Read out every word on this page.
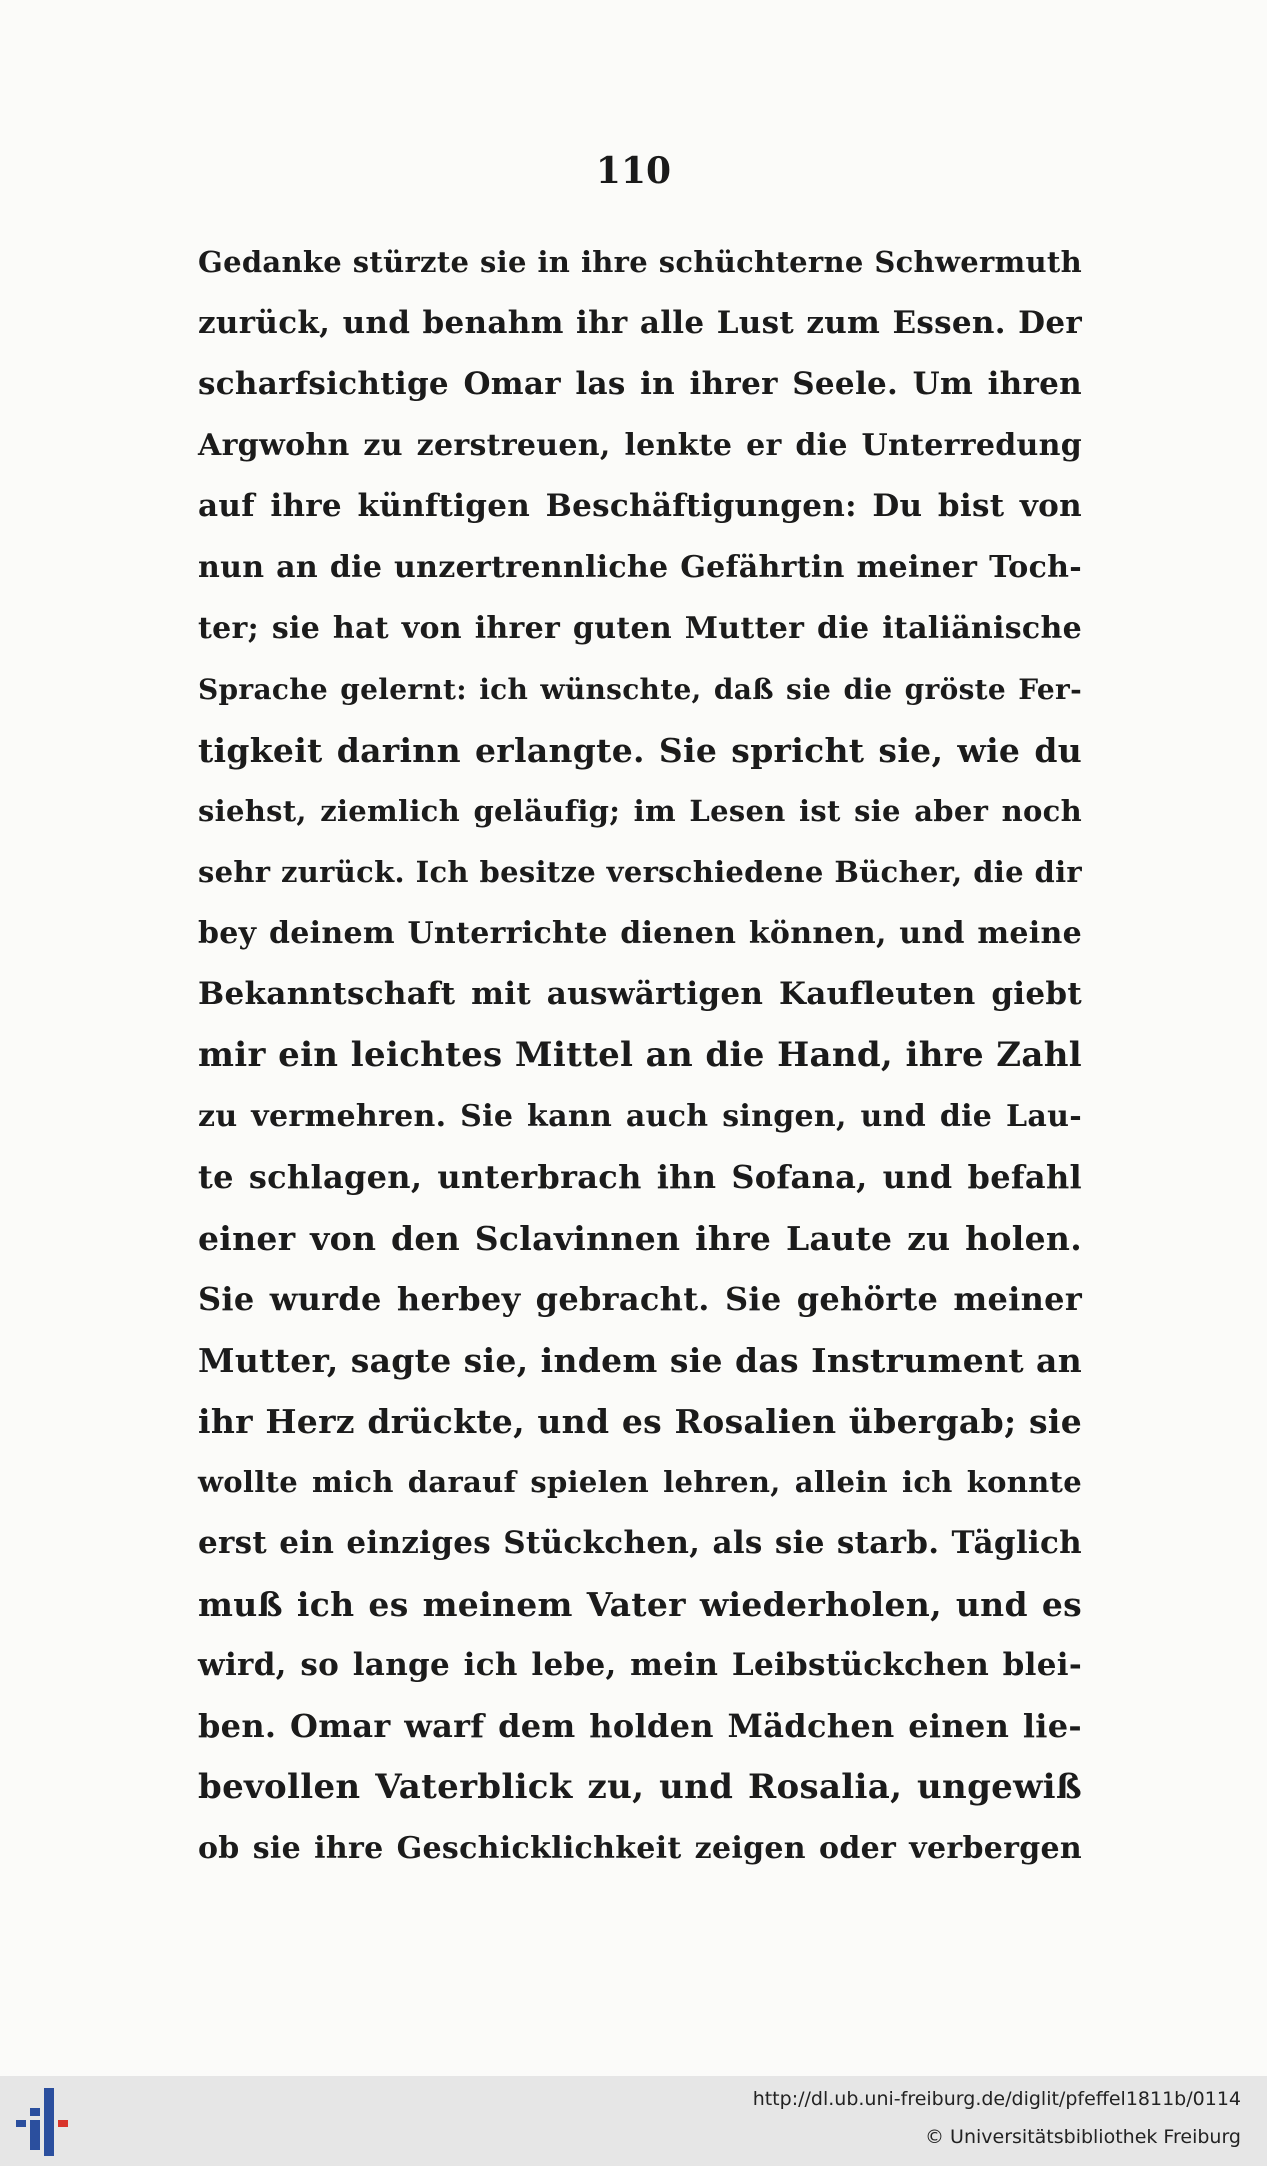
110
Gedanke stürzte sie in ihre schüchterne Schwermuth
zurück, und benahm ihr alle Lust zum Essen. Der
scharfsichtige Omar las in ihrer Seele. Um ihren
Argwohn zu zerstreuen, lenkte er die Unterredung
auf ihre künftigen Beschäftigungen: Du bist von
nun an die unzertrennliche Gefährtin meiner Toch-
ter; sie hat von ihrer guten Mutter die italiänische
Sprache gelernt: ich wünschte, daß sie die gröste Fer-
tigkeit darinn erlangte. Sie spricht sie, wie du
siehst, ziemlich geläufig; im Lesen ist sie aber noch
sehr zurück. Ich besitze verschiedene Bücher, die dir
bey deinem Unterrichte dienen können, und meine
Bekanntschaft mit auswärtigen Kaufleuten giebt
mir ein leichtes Mittel an die Hand, ihre Zahl
zu vermehren. Sie kann auch singen, und die Lau-
te schlagen, unterbrach ihn Sofana, und befahl
einer von den Sclavinnen ihre Laute zu holen.
Sie wurde herbey gebracht. Sie gehörte meiner
Mutter, sagte sie, indem sie das Instrument an
ihr Herz drückte, und es Rosalien übergab; sie
wollte mich darauf spielen lehren, allein ich konnte
erst ein einziges Stückchen, als sie starb. Täglich
muß ich es meinem Vater wiederholen, und es
wird, so lange ich lebe, mein Leibstückchen blei-
ben. Omar warf dem holden Mädchen einen lie-
bevollen Vaterblick zu, und Rosalia, ungewiß
ob sie ihre Geschicklichkeit zeigen oder verbergen
http://dl.ub.uni-freiburg.de/diglit/pfeffel1811b/0114
© Universitätsbibliothek Freiburg
